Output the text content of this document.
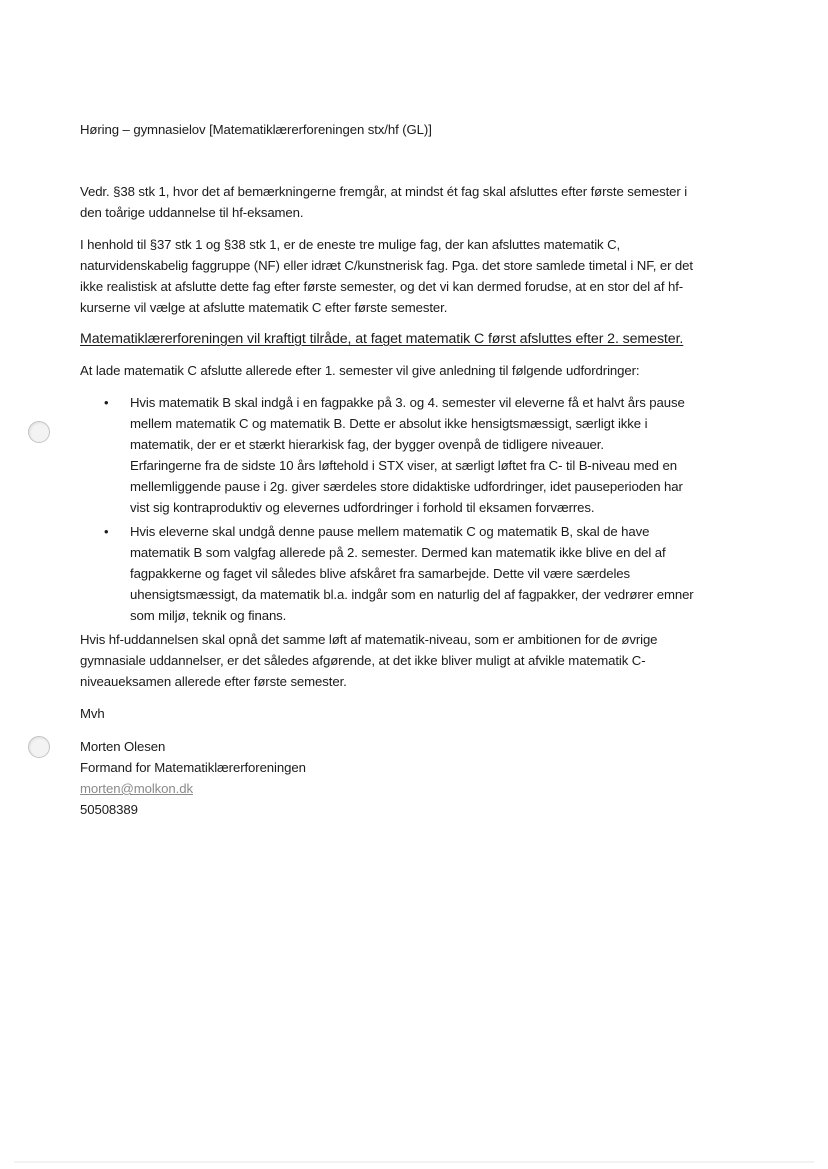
Høring – gymnasielov [Matematiklærerforeningen stx/hf (GL)]

Vedr. §38 stk 1, hvor det af bemærkningerne fremgår, at mindst ét fag skal afsluttes efter første semester i
den toårige uddannelse til hf-eksamen.

I henhold til §37 stk 1 og §38 stk 1, er de eneste tre mulige fag, der kan afsluttes matematik C,
naturvidenskabelig faggruppe (NF) eller idræt C/kunstnerisk fag. Pga. det store samlede timetal i NF, er det
ikke realistisk at afslutte dette fag efter første semester, og det vi kan dermed forudse, at en stor del af hf-
kurserne vil vælge at afslutte matematik C efter første semester.

Matematiklærerforeningen vil kraftigt tilråde, at faget matematik C først afsluttes efter 2. semester.

At lade matematik C afslutte allerede efter 1. semester vil give anledning til følgende udfordringer:

• Hvis matematik B skal indgå i en fagpakke på 3. og 4. semester vil eleverne få et halvt års pause
mellem matematik C og matematik B. Dette er absolut ikke hensigtsmæssigt, særligt ikke i
matematik, der er et stærkt hierarkisk fag, der bygger ovenpå de tidligere niveauer.
Erfaringerne fra de sidste 10 års løftehold i STX viser, at særligt løftet fra C- til B-niveau med en
mellemliggende pause i 2g. giver særdeles store didaktiske udfordringer, idet pauseperioden har
vist sig kontraproduktiv og elevernes udfordringer i forhold til eksamen forværres.
• Hvis eleverne skal undgå denne pause mellem matematik C og matematik B, skal de have
matematik B som valgfag allerede på 2. semester. Dermed kan matematik ikke blive en del af
fagpakkerne og faget vil således blive afskåret fra samarbejde. Dette vil være særdeles
uhensigtsmæssigt, da matematik bl.a. indgår som en naturlig del af fagpakker, der vedrører emner
som miljø, teknik og finans.

Hvis hf-uddannelsen skal opnå det samme løft af matematik-niveau, som er ambitionen for de øvrige
gymnasiale uddannelser, er det således afgørende, at det ikke bliver muligt at afvikle matematik C-
niveaueksamen allerede efter første semester.

Mvh

Morten Olesen
Formand for Matematiklærerforeningen
morten@molkon.dk
50508389
